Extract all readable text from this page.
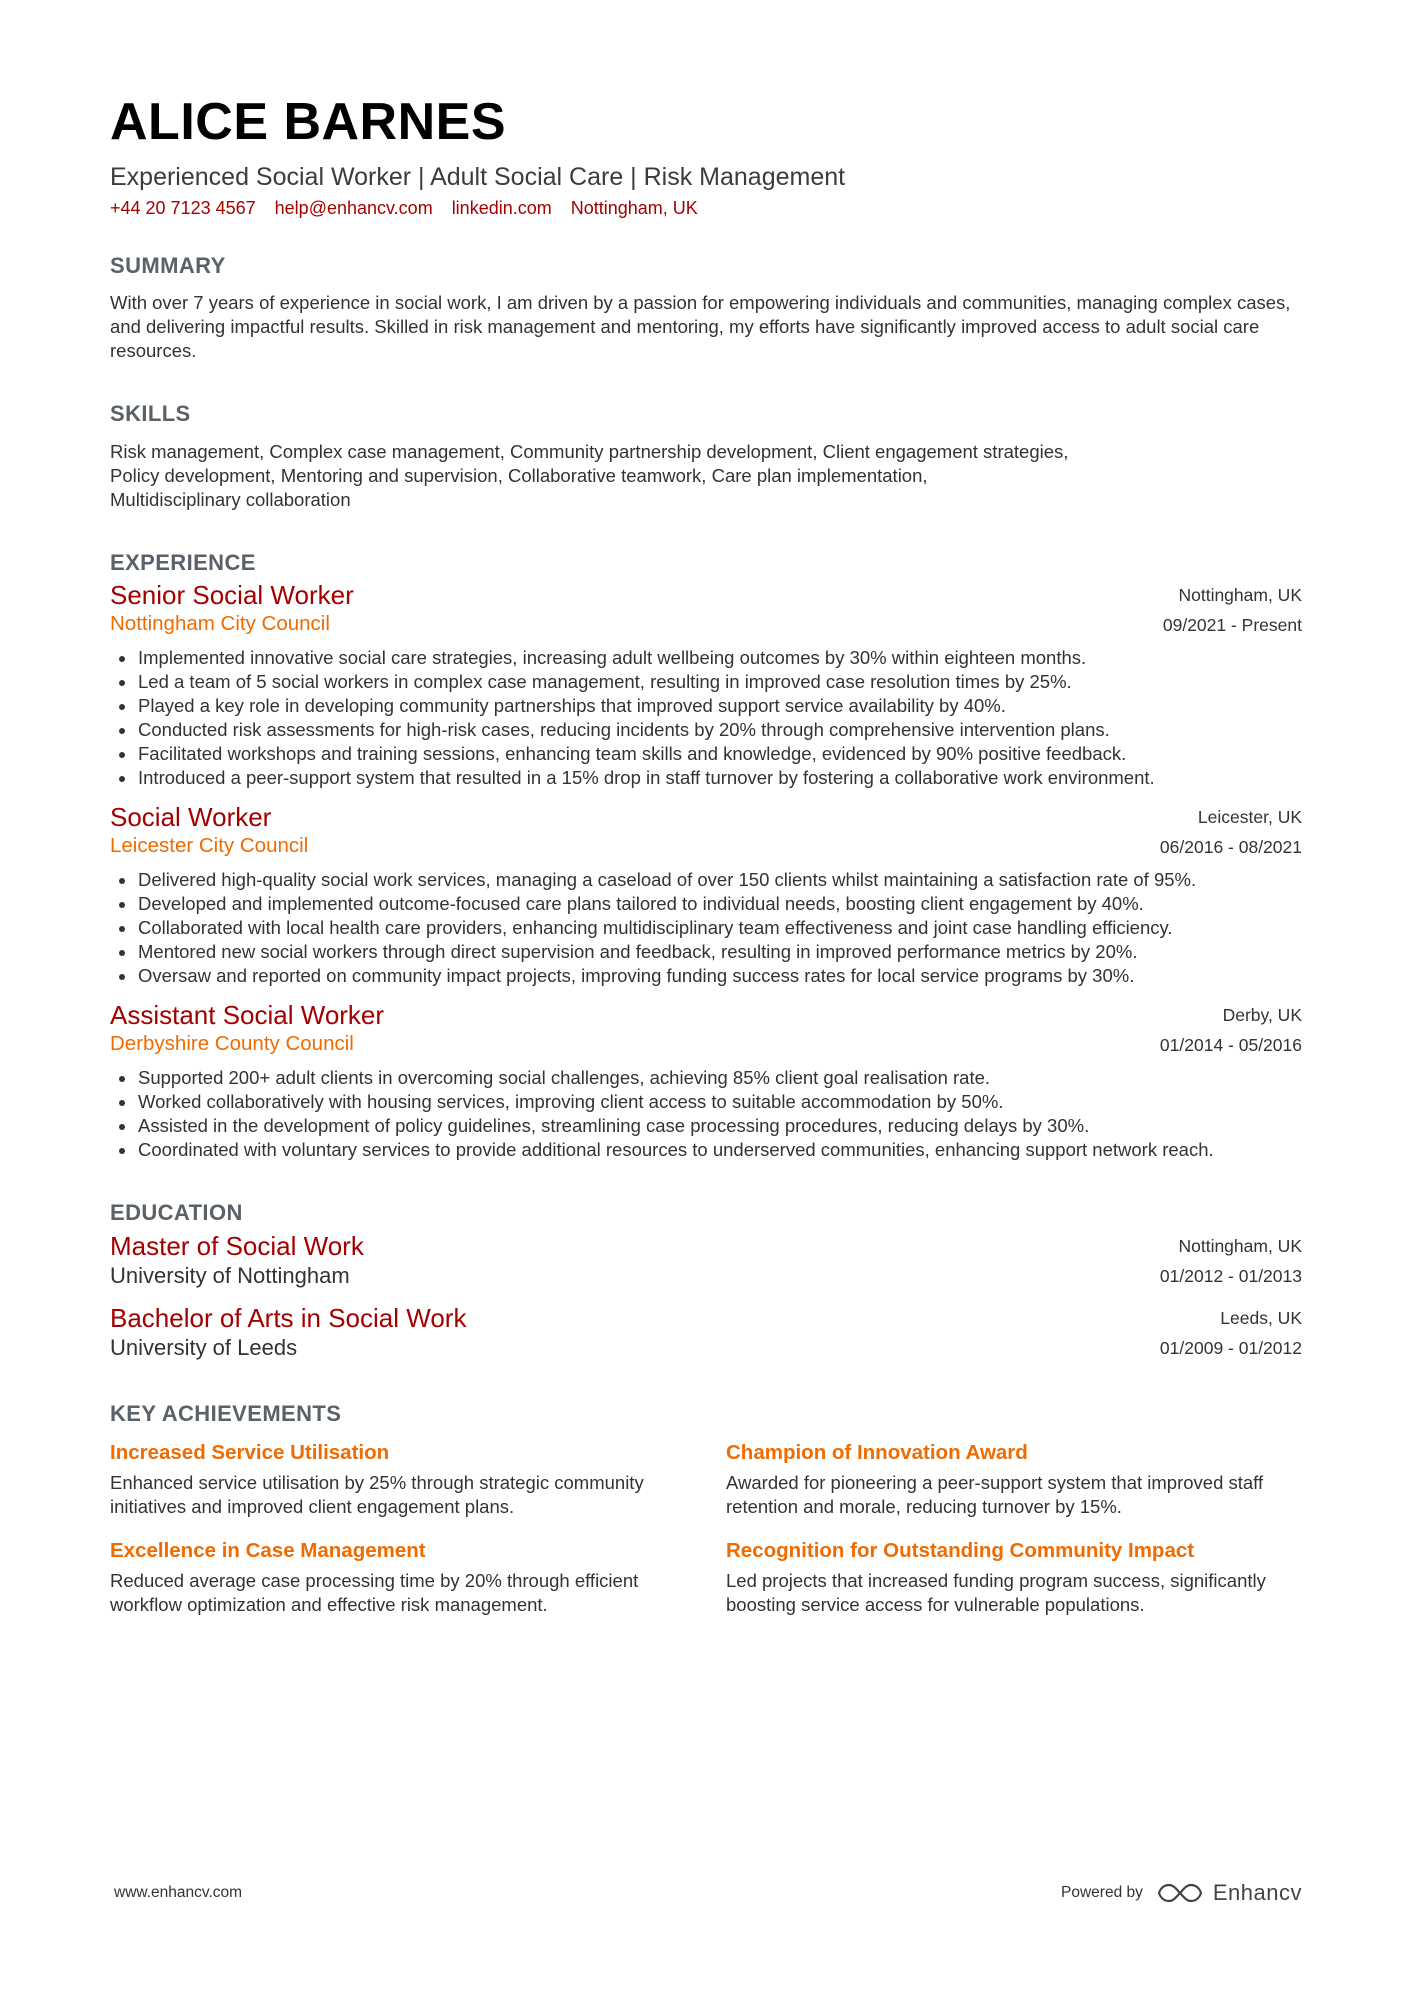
ALICE BARNES
Experienced Social Worker | Adult Social Care | Risk Management
+44 20 7123 4567 help@enhancv.com linkedin.com Nottingham, UK
SUMMARY

With over 7 years of experience in social work, I am driven by a passion for empowering individuals and communities, managing complex cases, and delivering impactful results. Skilled in risk management and mentoring, my efforts have significantly improved access to adult social care resources.

SKILLS
Risk management, Complex case management, Community partnership development, Client engagement strategies,
Policy development, Mentoring and supervision, Collaborative teamwork, Care plan implementation,
Multidisciplinary collaboration
EXPERIENCE
Senior Social Worker
Nottingham City Council
Nottingham, UK
09/2021 - Present
Implemented innovative social care strategies, increasing adult wellbeing outcomes by 30% within eighteen months.
Led a team of 5 social workers in complex case management, resulting in improved case resolution times by 25%.
Played a key role in developing community partnerships that improved support service availability by 40%.
Conducted risk assessments for high-risk cases, reducing incidents by 20% through comprehensive intervention plans.
Facilitated workshops and training sessions, enhancing team skills and knowledge, evidenced by 90% positive feedback.
Introduced a peer-support system that resulted in a 15% drop in staff turnover by fostering a collaborative work environment.
Social Worker
Leicester City Council
Leicester, UK
06/2016 - 08/2021
Delivered high-quality social work services, managing a caseload of over 150 clients whilst maintaining a satisfaction rate of 95%.
Developed and implemented outcome-focused care plans tailored to individual needs, boosting client engagement by 40%.
Collaborated with local health care providers, enhancing multidisciplinary team effectiveness and joint case handling efficiency.
Mentored new social workers through direct supervision and feedback, resulting in improved performance metrics by 20%.
Oversaw and reported on community impact projects, improving funding success rates for local service programs by 30%.
Assistant Social Worker
Derbyshire County Council
Derby, UK
01/2014 - 05/2016
Supported 200+ adult clients in overcoming social challenges, achieving 85% client goal realisation rate.
Worked collaboratively with housing services, improving client access to suitable accommodation by 50%.
Assisted in the development of policy guidelines, streamlining case processing procedures, reducing delays by 30%.
Coordinated with voluntary services to provide additional resources to underserved communities, enhancing support network reach.
EDUCATION
Master of Social Work
University of Nottingham
Nottingham, UK
01/2012 - 01/2013
Bachelor of Arts in Social Work
University of Leeds
Leeds, UK
01/2009 - 01/2012
KEY ACHIEVEMENTS
Increased Service Utilisation
Enhanced service utilisation by 25% through strategic community initiatives and improved client engagement plans.
Champion of Innovation Award
Awarded for pioneering a peer-support system that improved staff retention and morale, reducing turnover by 15%.
Excellence in Case Management
Reduced average case processing time by 20% through efficient workflow optimization and effective risk management.
Recognition for Outstanding Community Impact
Led projects that increased funding program success, significantly boosting service access for vulnerable populations.
www.enhancv.com	Powered by	Enhancv
